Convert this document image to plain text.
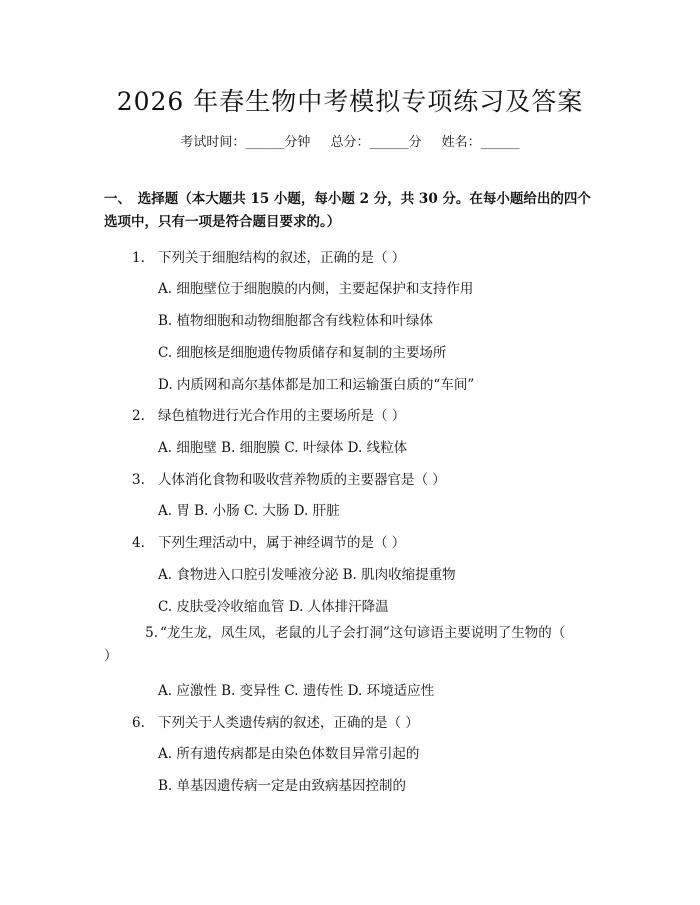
2026 年春生物中考模拟专项练习及答案
考试时间：______分钟 总分：______分 姓名：______
一、　选择题（本大题共 15 小题，每小题 2 分，共 30 分。在每小题给出的四个选项中，只有一项是符合题目要求的。）
1. 下列关于细胞结构的叙述，正确的是（ ）
A. 细胞壁位于细胞膜的内侧，主要起保护和支持作用
B. 植物细胞和动物细胞都含有线粒体和叶绿体
C. 细胞核是细胞遗传物质储存和复制的主要场所
D. 内质网和高尔基体都是加工和运输蛋白质的“车间”
2. 绿色植物进行光合作用的主要场所是（ ）
A. 细胞壁 B. 细胞膜 C. 叶绿体 D. 线粒体
3. 人体消化食物和吸收营养物质的主要器官是（ ）
A. 胃 B. 小肠 C. 大肠 D. 肝脏
4. 下列生理活动中，属于神经调节的是（ ）
A. 食物进入口腔引发唾液分泌 B. 肌肉收缩提重物
C. 皮肤受冷收缩血管 D. 人体排汗降温
5. “龙生龙，凤生凤，老鼠的儿子会打洞”这句谚语主要说明了生物的（ ）
A. 应激性 B. 变异性 C. 遗传性 D. 环境适应性
6. 下列关于人类遗传病的叙述，正确的是（ ）
A. 所有遗传病都是由染色体数目异常引起的
B. 单基因遗传病一定是由致病基因控制的
